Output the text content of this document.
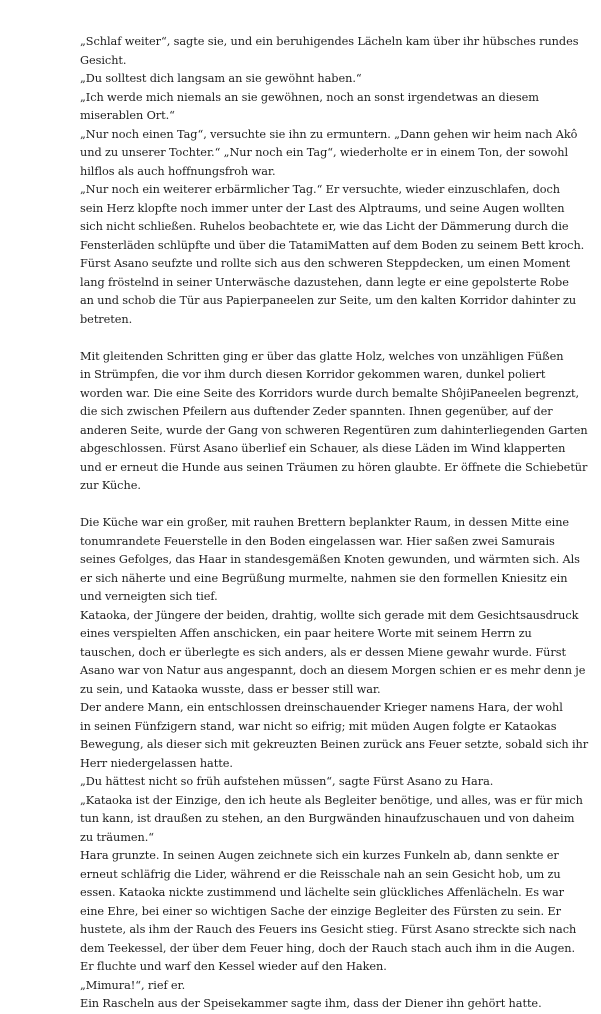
„Schlaf weiter“, sagte sie, und ein beruhigendes Lächeln kam über ihr hübsches rundes
Gesicht.
„Du solltest dich langsam an sie gewöhnt haben.“
„Ich werde mich niemals an sie gewöhnen, noch an sonst irgendetwas an diesem
miserablen Ort.“
„Nur noch einen Tag“, versuchte sie ihn zu ermuntern. „Dann gehen wir heim nach Akô
und zu unserer Tochter.“ „Nur noch ein Tag“, wiederholte er in einem Ton, der sowohl
hilflos als auch hoffnungsfroh war.
„Nur noch ein weiterer erbärmlicher Tag.“ Er versuchte, wieder einzuschlafen, doch
sein Herz klopfte noch immer unter der Last des Alptraums, und seine Augen wollten
sich nicht schließen. Ruhelos beobachtete er, wie das Licht der Dämmerung durch die
Fensterläden schlüpfte und über die TatamiMatten auf dem Boden zu seinem Bett kroch.
Fürst Asano seufzte und rollte sich aus den schweren Steppdecken, um einen Moment
lang fröstelnd in seiner Unterwäsche dazustehen, dann legte er eine gepolsterte Robe
an und schob die Tür aus Papierpaneelen zur Seite, um den kalten Korridor dahinter zu
betreten.
Mit gleitenden Schritten ging er über das glatte Holz, welches von unzähligen Füßen
in Strümpfen, die vor ihm durch diesen Korridor gekommen waren, dunkel poliert
worden war. Die eine Seite des Korridors wurde durch bemalte ShôjiPaneelen begrenzt,
die sich zwischen Pfeilern aus duftender Zeder spannten. Ihnen gegenüber, auf der
anderen Seite, wurde der Gang von schweren Regentüren zum dahinterliegenden Garten
abgeschlossen. Fürst Asano überlief ein Schauer, als diese Läden im Wind klapperten
und er erneut die Hunde aus seinen Träumen zu hören glaubte. Er öffnete die Schiebetür
zur Küche.
Die Küche war ein großer, mit rauhen Brettern beplankter Raum, in dessen Mitte eine
tonumrandete Feuerstelle in den Boden eingelassen war. Hier saßen zwei Samurais
seines Gefolges, das Haar in standesgemäßen Knoten gewunden, und wärmten sich. Als
er sich näherte und eine Begrüßung murmelte, nahmen sie den formellen Kniesitz ein
und verneigten sich tief.
Kataoka, der Jüngere der beiden, drahtig, wollte sich gerade mit dem Gesichtsausdruck
eines verspielten Affen anschicken, ein paar heitere Worte mit seinem Herrn zu
tauschen, doch er überlegte es sich anders, als er dessen Miene gewahr wurde. Fürst
Asano war von Natur aus angespannt, doch an diesem Morgen schien er es mehr denn je
zu sein, und Kataoka wusste, dass er besser still war.
Der andere Mann, ein entschlossen dreinschauender Krieger namens Hara, der wohl
in seinen Fünfzigern stand, war nicht so eifrig; mit müden Augen folgte er Kataokas
Bewegung, als dieser sich mit gekreuzten Beinen zurück ans Feuer setzte, sobald sich ihr
Herr niedergelassen hatte.
„Du hättest nicht so früh aufstehen müssen“, sagte Fürst Asano zu Hara.
„Kataoka ist der Einzige, den ich heute als Begleiter benötige, und alles, was er für mich
tun kann, ist draußen zu stehen, an den Burgwänden hinaufzuschauen und von daheim
zu träumen.“
Hara grunzte. In seinen Augen zeichnete sich ein kurzes Funkeln ab, dann senkte er
erneut schläfrig die Lider, während er die Reisschale nah an sein Gesicht hob, um zu
essen. Kataoka nickte zustimmend und lächelte sein glückliches Affenlächeln. Es war
eine Ehre, bei einer so wichtigen Sache der einzige Begleiter des Fürsten zu sein. Er
hustete, als ihm der Rauch des Feuers ins Gesicht stieg. Fürst Asano streckte sich nach
dem Teekessel, der über dem Feuer hing, doch der Rauch stach auch ihm in die Augen.
Er fluchte und warf den Kessel wieder auf den Haken.
„Mimura!“, rief er.
Ein Rascheln aus der Speisekammer sagte ihm, dass der Diener ihn gehört hatte.
